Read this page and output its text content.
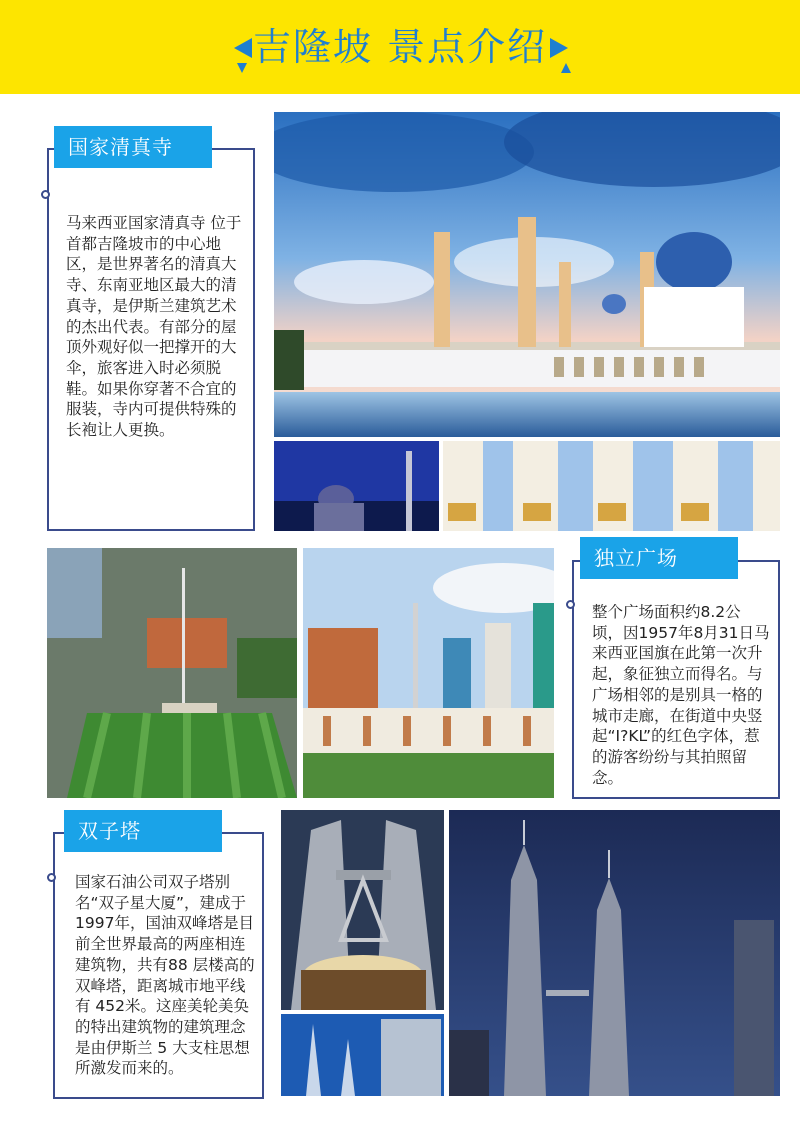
吉隆坡 景点介绍
国家清真寺
马来西亚国家清真寺 位于首都吉隆坡市的中心地区，是世界著名的清真大寺、东南亚地区最大的清真寺，是伊斯兰建筑艺术的杰出代表。有部分的屋顶外观好似一把撑开的大伞，旅客进入时必须脱鞋。如果你穿著不合宜的服装，寺内可提供特殊的长袍让人更换。
独立广场
整个广场面积约8.2公顷，因1957年8月31日马来西亚国旗在此第一次升起，象征独立而得名。与广场相邻的是别具一格的城市走廊，在街道中央竖起“I?KL”的红色字体，惹的游客纷纷与其拍照留念。
双子塔
国家石油公司双子塔别名“双子星大厦”，建成于1997年，国油双峰塔是目前全世界最高的两座相连建筑物，共有88 层楼高的双峰塔，距离城市地平线有 452米。这座美轮美奂的特出建筑物的建筑理念是由伊斯兰 5 大支柱思想所激发而来的。
